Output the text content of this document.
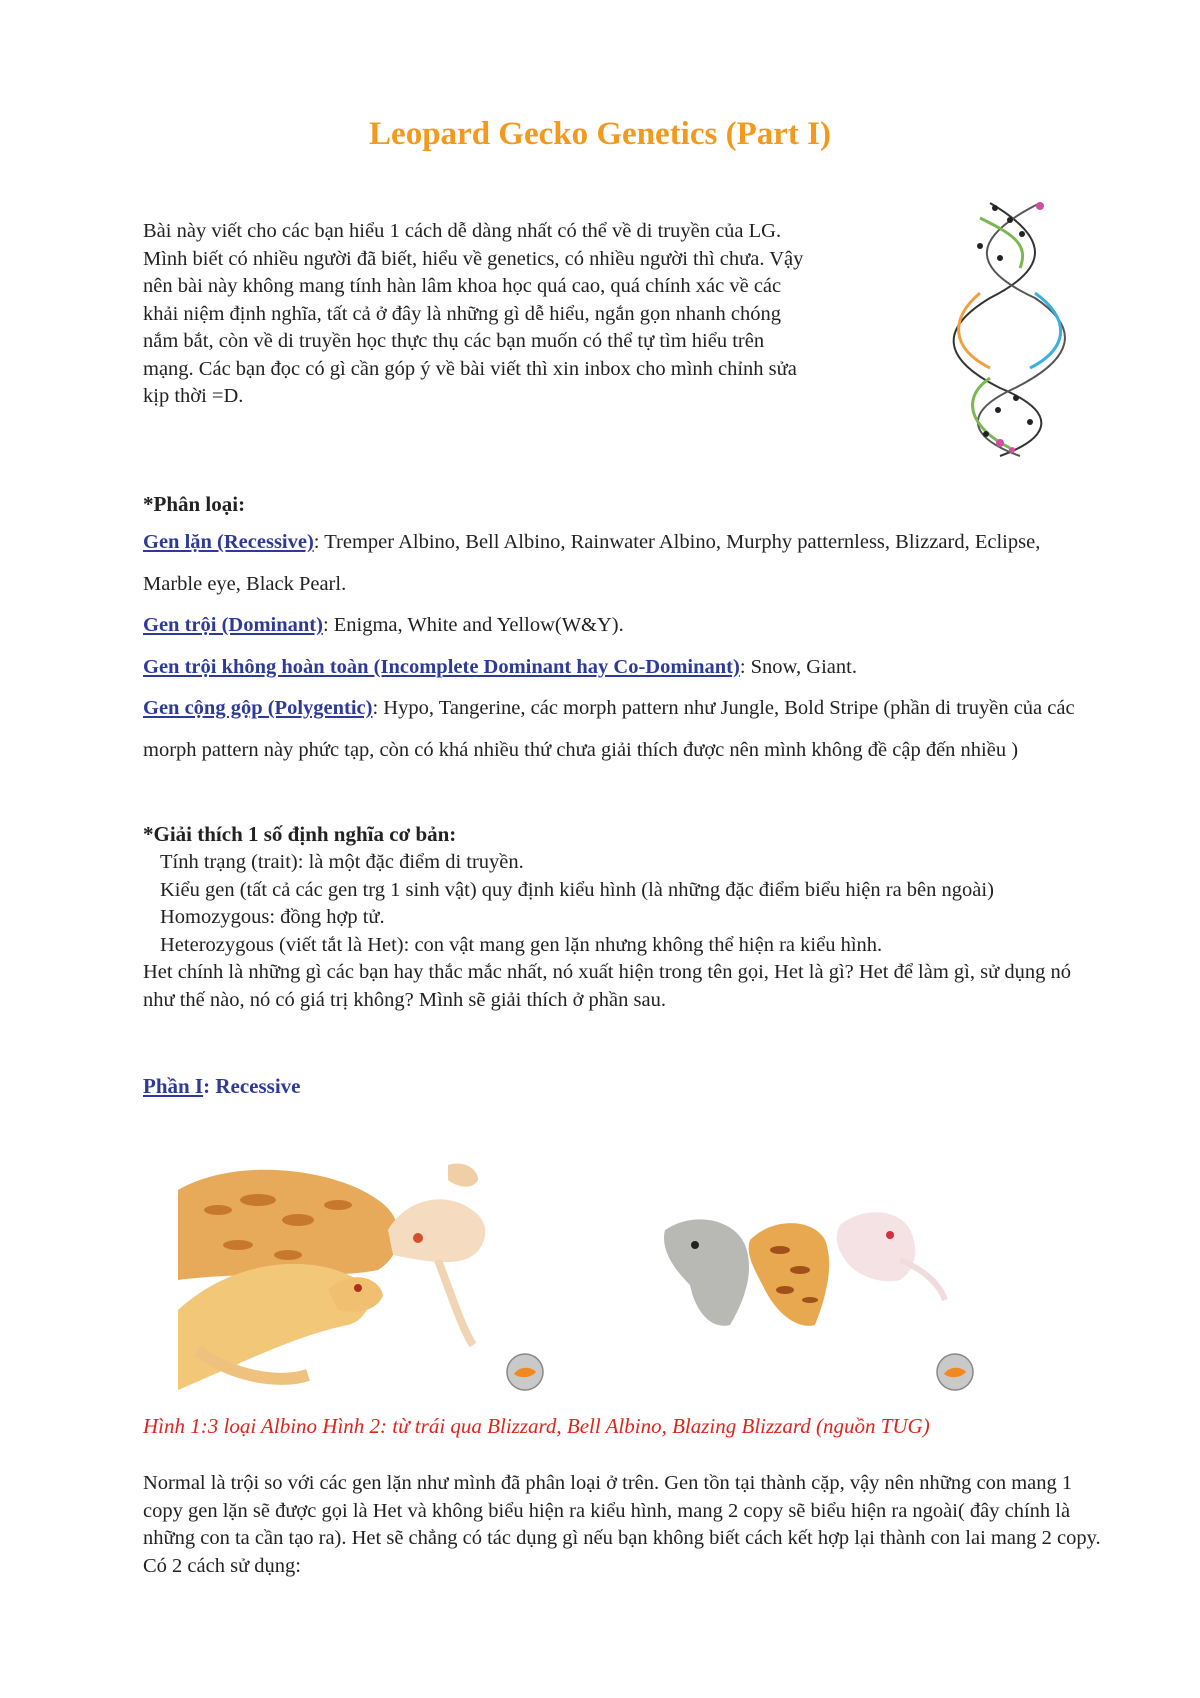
Leopard Gecko Genetics (Part I)
Bài này viết cho các bạn hiểu 1 cách dễ dàng nhất có thể về di truyền của LG.
Mình biết có nhiều người đã biết, hiểu về genetics, có nhiều người thì chưa. Vậy
nên bài này không mang tính hàn lâm khoa học quá cao, quá chính xác về các
khải niệm định nghĩa, tất cả ở đây là những gì dễ hiểu, ngắn gọn nhanh chóng
nắm bắt, còn về di truyền học thực thụ các bạn muốn có thể tự tìm hiểu trên
mạng. Các bạn đọc có gì cần góp ý về bài viết thì xin inbox cho mình chỉnh sửa
kịp thời =D.
*Phân loại:

Gen lặn (Recessive): Tremper Albino, Bell Albino, Rainwater Albino, Murphy patternless, Blizzard, Eclipse, Marble eye, Black Pearl.

Gen trội (Dominant): Enigma, White and Yellow(W&Y).

Gen trội không hoàn toàn (Incomplete Dominant hay Co-Dominant): Snow, Giant.

Gen cộng gộp (Polygentic): Hypo, Tangerine, các morph pattern như Jungle, Bold Stripe (phần di truyền của các morph pattern này phức tạp, còn có khá nhiều thứ chưa giải thích được nên mình không đề cập đến nhiều )

*Giải thích 1 số định nghĩa cơ bản:
Tính trạng (trait): là một đặc điểm di truyền.
Kiểu gen (tất cả các gen trg 1 sinh vật) quy định kiểu hình (là những đặc điểm biểu hiện ra bên ngoài)
Homozygous: đồng hợp tử.
Heterozygous (viết tắt là Het): con vật mang gen lặn nhưng không thể hiện ra kiểu hình.
Het chính là những gì các bạn hay thắc mắc nhất, nó xuất hiện trong tên gọi, Het là gì? Het để làm gì, sử dụng nó như thế nào, nó có giá trị không? Mình sẽ giải thích ở phần sau.
Phần I: Recessive
Hình 1:3 loại Albino Hình 2: từ trái qua Blizzard, Bell Albino, Blazing Blizzard (nguồn TUG)
Normal là trội so với các gen lặn như mình đã phân loại ở trên. Gen tồn tại thành cặp, vậy nên những con mang 1 copy gen lặn sẽ được gọi là Het và không biểu hiện ra kiểu hình, mang 2 copy sẽ biểu hiện ra ngoài( đây chính là những con ta cần tạo ra). Het sẽ chẳng có tác dụng gì nếu bạn không biết cách kết hợp lại thành con lai mang 2 copy. Có 2 cách sử dụng:
